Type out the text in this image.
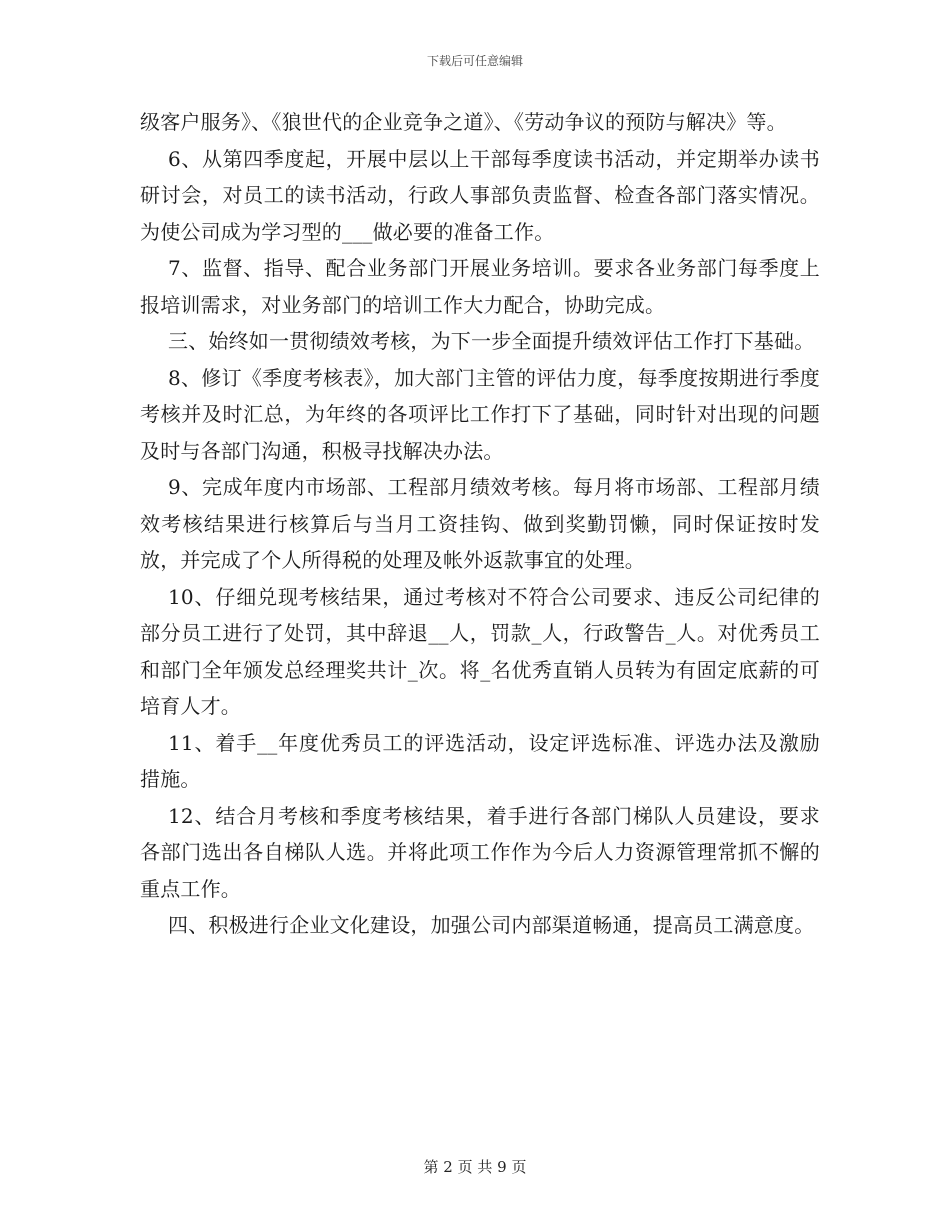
下载后可任意编辑

级客户服务》、《狼世代的企业竞争之道》、《劳动争议的预防与解决》等。

6、从第四季度起，开展中层以上干部每季度读书活动，并定期举办读书研讨会，对员工的读书活动，行政人事部负责监督、检查各部门落实情况。为使公司成为学习型的___做必要的准备工作。

7、监督、指导、配合业务部门开展业务培训。要求各业务部门每季度上报培训需求，对业务部门的培训工作大力配合，协助完成。

三、始终如一贯彻绩效考核，为下一步全面提升绩效评估工作打下基础。

8、修订《季度考核表》，加大部门主管的评估力度，每季度按期进行季度考核并及时汇总，为年终的各项评比工作打下了基础，同时针对出现的问题及时与各部门沟通，积极寻找解决办法。

9、完成年度内市场部、工程部月绩效考核。每月将市场部、工程部月绩效考核结果进行核算后与当月工资挂钩、做到奖勤罚懒，同时保证按时发放，并完成了个人所得税的处理及帐外返款事宜的处理。

10、仔细兑现考核结果，通过考核对不符合公司要求、违反公司纪律的部分员工进行了处罚，其中辞退__人，罚款_人，行政警告_人。对优秀员工和部门全年颁发总经理奖共计_次。将_名优秀直销人员转为有固定底薪的可培育人才。

11、着手__年度优秀员工的评选活动，设定评选标准、评选办法及激励措施。

12、结合月考核和季度考核结果，着手进行各部门梯队人员建设，要求各部门选出各自梯队人选。并将此项工作作为今后人力资源管理常抓不懈的重点工作。

四、积极进行企业文化建设，加强公司内部渠道畅通，提高员工满意度。

第 2 页 共 9 页
